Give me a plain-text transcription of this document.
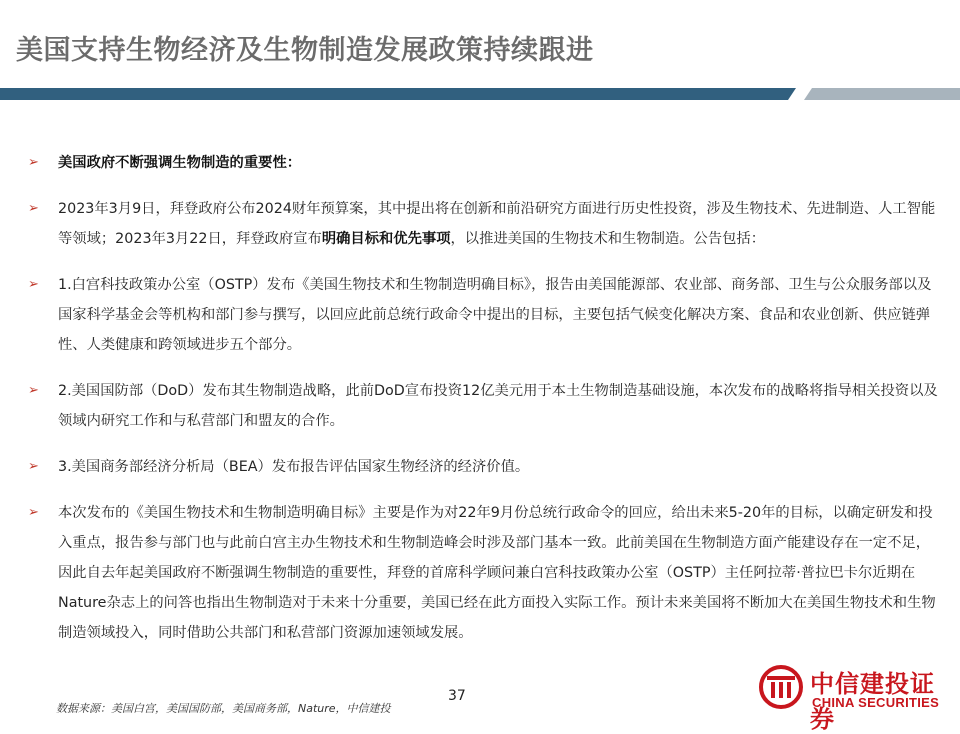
美国支持生物经济及生物制造发展政策持续跟进
➢ 美国政府不断强调生物制造的重要性：
➢ 2023年3月9日，拜登政府公布2024财年预算案，其中提出将在创新和前沿研究方面进行历史性投资，涉及生物技术、先进制造、人工智能等领域；2023年3月22日，拜登政府宣布明确目标和优先事项，以推进美国的生物技术和生物制造。公告包括：
➢ 1.白宫科技政策办公室（OSTP）发布《美国生物技术和生物制造明确目标》，报告由美国能源部、农业部、商务部、卫生与公众服务部以及国家科学基金会等机构和部门参与撰写，以回应此前总统行政命令中提出的目标，主要包括气候变化解决方案、食品和农业创新、供应链弹性、人类健康和跨领域进步五个部分。
➢ 2.美国国防部（DoD）发布其生物制造战略，此前DoD宣布投资12亿美元用于本土生物制造基础设施，本次发布的战略将指导相关投资以及领域内研究工作和与私营部门和盟友的合作。
➢ 3.美国商务部经济分析局（BEA）发布报告评估国家生物经济的经济价值。
➢ 本次发布的《美国生物技术和生物制造明确目标》主要是作为对22年9月份总统行政命令的回应，给出未来5-20年的目标，以确定研发和投入重点，报告参与部门也与此前白宫主办生物技术和生物制造峰会时涉及部门基本一致。此前美国在生物制造方面产能建设存在一定不足，因此自去年起美国政府不断强调生物制造的重要性，拜登的首席科学顾问兼白宫科技政策办公室（OSTP）主任阿拉蒂·普拉巴卡尔近期在Nature杂志上的问答也指出生物制造对于未来十分重要，美国已经在此方面投入实际工作。预计未来美国将不断加大在美国生物技术和生物制造领域投入，同时借助公共部门和私营部门资源加速领域发展。
数据来源：美国白宫，美国国防部，美国商务部，Nature，中信建投
37	中信建投证券
CHINA SECURITIES
